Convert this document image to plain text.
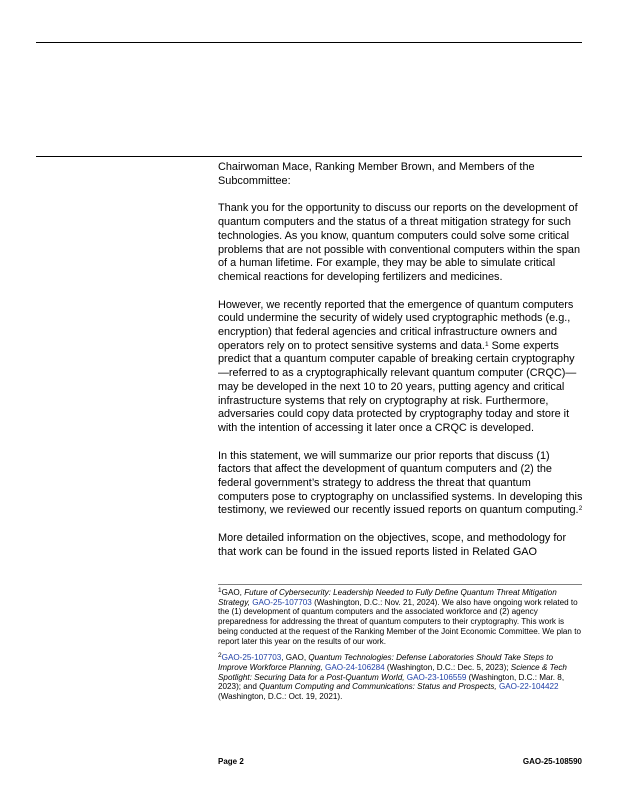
Chairwoman Mace, Ranking Member Brown, and Members of the Subcommittee:

Thank you for the opportunity to discuss our reports on the development of quantum computers and the status of a threat mitigation strategy for such technologies. As you know, quantum computers could solve some critical problems that are not possible with conventional computers within the span of a human lifetime. For example, they may be able to simulate critical chemical reactions for developing fertilizers and medicines.

However, we recently reported that the emergence of quantum computers could undermine the security of widely used cryptographic methods (e.g., encryption) that federal agencies and critical infrastructure owners and operators rely on to protect sensitive systems and data.$^1$ Some experts predict that a quantum computer capable of breaking certain cryptography—referred to as a cryptographically relevant quantum computer (CRQC)—may be developed in the next 10 to 20 years, putting agency and critical infrastructure systems that rely on cryptography at risk. Furthermore, adversaries could copy data protected by cryptography today and store it with the intention of accessing it later once a CRQC is developed.

In this statement, we will summarize our prior reports that discuss (1) factors that affect the development of quantum computers and (2) the federal government’s strategy to address the threat that quantum computers pose to cryptography on unclassified systems. In developing this testimony, we reviewed our recently issued reports on quantum computing.$^2$

More detailed information on the objectives, scope, and methodology for that work can be found in the issued reports listed in Related GAO

$^1$GAO, Future of Cybersecurity: Leadership Needed to Fully Define Quantum Threat Mitigation Strategy, GAO-25-107703 (Washington, D.C.: Nov. 21, 2024). We also have ongoing work related to the (1) development of quantum computers and the associated workforce and (2) agency preparedness for addressing the threat of quantum computers to their cryptography. This work is being conducted at the request of the Ranking Member of the Joint Economic Committee. We plan to report later this year on the results of our work.

$^2$GAO-25-107703, GAO, Quantum Technologies: Defense Laboratories Should Take Steps to Improve Workforce Planning, GAO-24-106284 (Washington, D.C.: Dec. 5, 2023); Science & Tech Spotlight: Securing Data for a Post-Quantum World, GAO-23-106559 (Washington, D.C.: Mar. 8, 2023); and Quantum Computing and Communications: Status and Prospects, GAO-22-104422 (Washington, D.C.: Oct. 19, 2021).

Page 2	GAO-25-108590
